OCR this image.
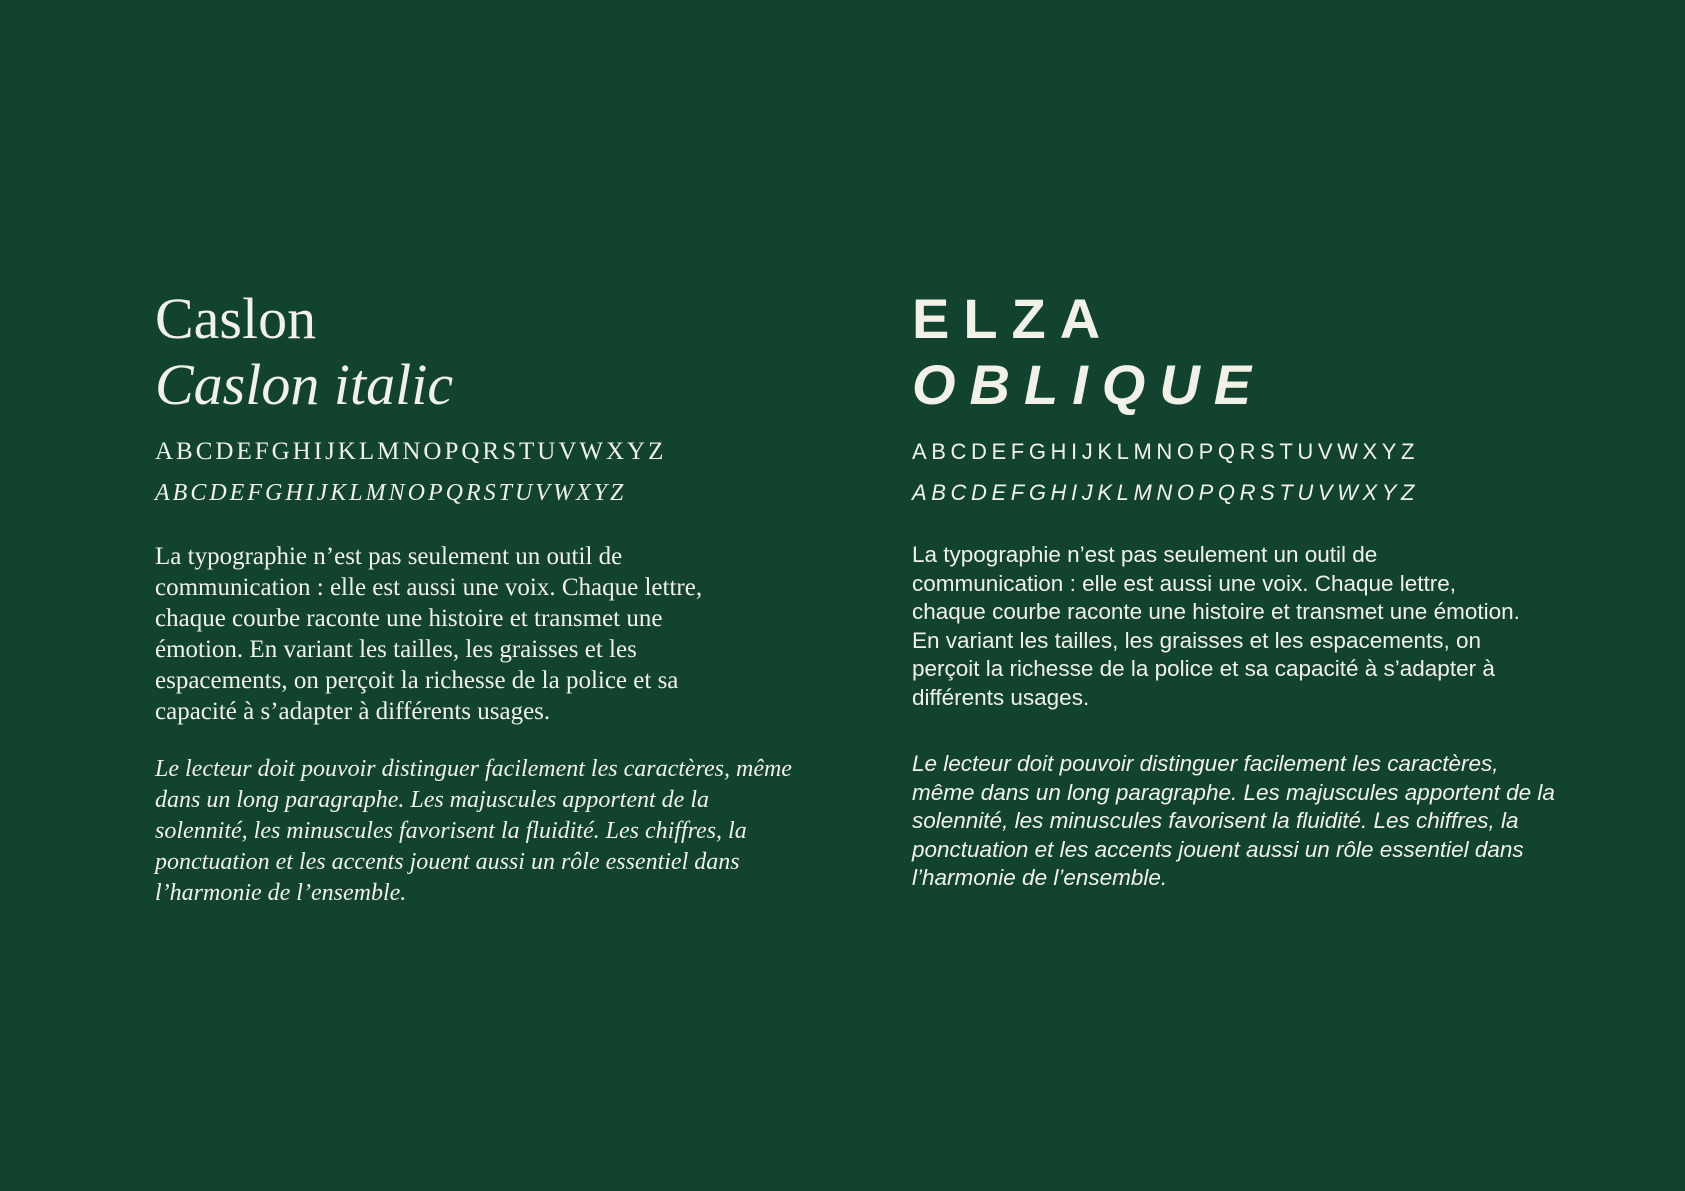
Caslon
Caslon italic
ABCDEFGHIJKLMNOPQRSTUVWXYZ
ABCDEFGHIJKLMNOPQRSTUVWXYZ

La typographie n’est pas seulement un outil de communication : elle est aussi une voix. Chaque lettre, chaque courbe raconte une histoire et transmet une émotion. En variant les tailles, les graisses et les espacements, on perçoit la richesse de la police et sa capacité à s’adapter à différents usages.

Le lecteur doit pouvoir distinguer facilement les caractères, même dans un long paragraphe. Les majuscules apportent de la solennité, les minuscules favorisent la fluidité. Les chiffres, la ponctuation et les accents jouent aussi un rôle essentiel dans l’harmonie de l’ensemble.

ELZA
OBLIQUE
ABCDEFGHIJKLMNOPQRSTUVWXYZ
ABCDEFGHIJKLMNOPQRSTUVWXYZ

La typographie n’est pas seulement un outil de communication : elle est aussi une voix. Chaque lettre, chaque courbe raconte une histoire et transmet une émotion. En variant les tailles, les graisses et les espacements, on perçoit la richesse de la police et sa capacité à s’adapter à différents usages.

Le lecteur doit pouvoir distinguer facilement les caractères, même dans un long paragraphe. Les majuscules apportent de la solennité, les minuscules favorisent la fluidité. Les chiffres, la ponctuation et les accents jouent aussi un rôle essentiel dans l’harmonie de l’ensemble.
